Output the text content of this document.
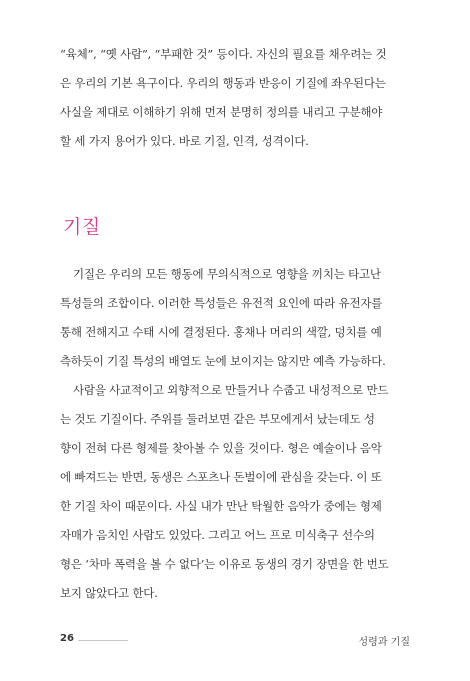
“육체”, “옛 사람”, “부패한 것” 등이다. 자신의 필요를 채우려는 것
은 우리의 기본 욕구이다. 우리의 행동과 반응이 기질에 좌우된다는
사실을 제대로 이해하기 위해 먼저 분명히 정의를 내리고 구분해야
할 세 가지 용어가 있다. 바로 기질, 인격, 성격이다.
기질
기질은 우리의 모든 행동에 무의식적으로 영향을 끼치는 타고난
특성들의 조합이다. 이러한 특성들은 유전적 요인에 따라 유전자를
통해 전해지고 수태 시에 결정된다. 홍채나 머리의 색깔, 덩치를 예
측하듯이 기질 특성의 배열도 눈에 보이지는 않지만 예측 가능하다.
사람을 사교적이고 외향적으로 만들거나 수줍고 내성적으로 만드
는 것도 기질이다. 주위를 둘러보면 같은 부모에게서 났는데도 성
향이 전혀 다른 형제를 찾아볼 수 있을 것이다. 형은 예술이나 음악
에 빠져드는 반면, 동생은 스포츠나 돈벌이에 관심을 갖는다. 이 또
한 기질 차이 때문이다. 사실 내가 만난 탁월한 음악가 중에는 형제
자매가 음치인 사람도 있었다. 그리고 어느 프로 미식축구 선수의
형은 ‘차마 폭력을 볼 수 없다’는 이유로 동생의 경기 장면을 한 번도
보지 않았다고 한다.
26	성령과 기질
